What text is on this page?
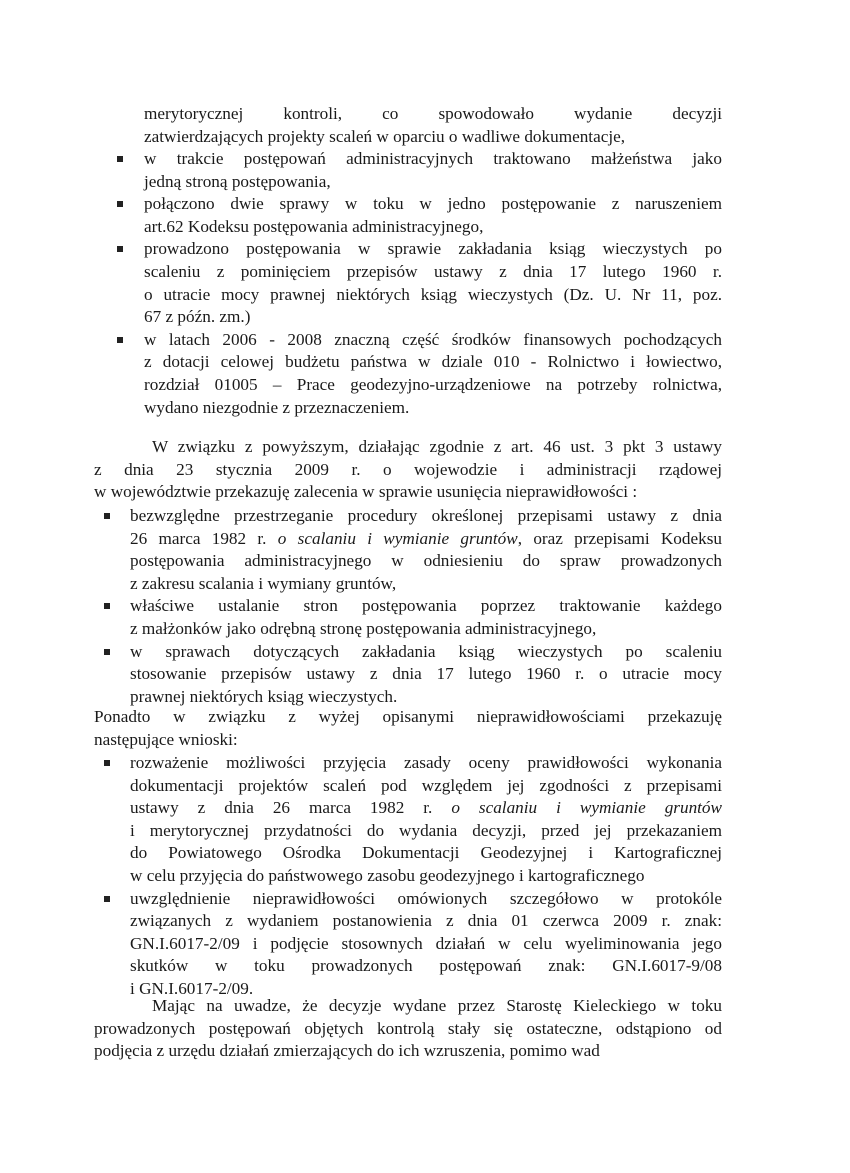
merytorycznej kontroli, co spowodowało wydanie decyzji
zatwierdzających projekty scaleń w oparciu o wadliwe dokumentacje,
w trakcie postępowań administracyjnych traktowano małżeństwa jako
jedną stroną postępowania,
połączono dwie sprawy w toku w jedno postępowanie z naruszeniem
art.62 Kodeksu postępowania administracyjnego,
prowadzono postępowania w sprawie zakładania ksiąg wieczystych po
scaleniu z pominięciem przepisów ustawy z dnia 17 lutego 1960 r.
o utracie mocy prawnej niektórych ksiąg wieczystych (Dz. U. Nr 11, poz.
67 z późn. zm.)
w latach 2006 - 2008 znaczną część środków finansowych pochodzących
z dotacji celowej budżetu państwa w dziale 010 - Rolnictwo i łowiectwo,
rozdział 01005 – Prace geodezyjno-urządzeniowe na potrzeby rolnictwa,
wydano niezgodnie z przeznaczeniem.
W związku z powyższym, działając zgodnie z art. 46 ust. 3 pkt 3 ustawy
z dnia 23 stycznia 2009 r. o wojewodzie i administracji rządowej
w województwie przekazuję zalecenia w sprawie usunięcia nieprawidłowości :
bezwzględne przestrzeganie procedury określonej przepisami ustawy z dnia
26 marca 1982 r. o scalaniu i wymianie gruntów, oraz przepisami Kodeksu
postępowania administracyjnego w odniesieniu do spraw prowadzonych
z zakresu scalania i wymiany gruntów,
właściwe ustalanie stron postępowania poprzez traktowanie każdego
z małżonków jako odrębną stronę postępowania administracyjnego,
w sprawach dotyczących zakładania ksiąg wieczystych po scaleniu
stosowanie przepisów ustawy z dnia 17 lutego 1960 r. o utracie mocy
prawnej niektórych ksiąg wieczystych.
Ponadto w związku z wyżej opisanymi nieprawidłowościami przekazuję
następujące wnioski:
rozważenie możliwości przyjęcia zasady oceny prawidłowości wykonania
dokumentacji projektów scaleń pod względem jej zgodności z przepisami
ustawy z dnia 26 marca 1982 r. o scalaniu i wymianie gruntów
i merytorycznej przydatności do wydania decyzji, przed jej przekazaniem
do Powiatowego Ośrodka Dokumentacji Geodezyjnej i Kartograficznej
w celu przyjęcia do państwowego zasobu geodezyjnego i kartograficznego
uwzględnienie nieprawidłowości omówionych szczegółowo w protokóle
związanych z wydaniem postanowienia z dnia 01 czerwca 2009 r. znak:
GN.I.6017-2/09 i podjęcie stosownych działań w celu wyeliminowania jego
skutków w toku prowadzonych postępowań znak: GN.I.6017-9/08
i GN.I.6017-2/09.
Mając na uwadze, że decyzje wydane przez Starostę Kieleckiego w toku
prowadzonych postępowań objętych kontrolą stały się ostateczne, odstąpiono od
podjęcia z urzędu działań zmierzających do ich wzruszenia, pomimo wad
